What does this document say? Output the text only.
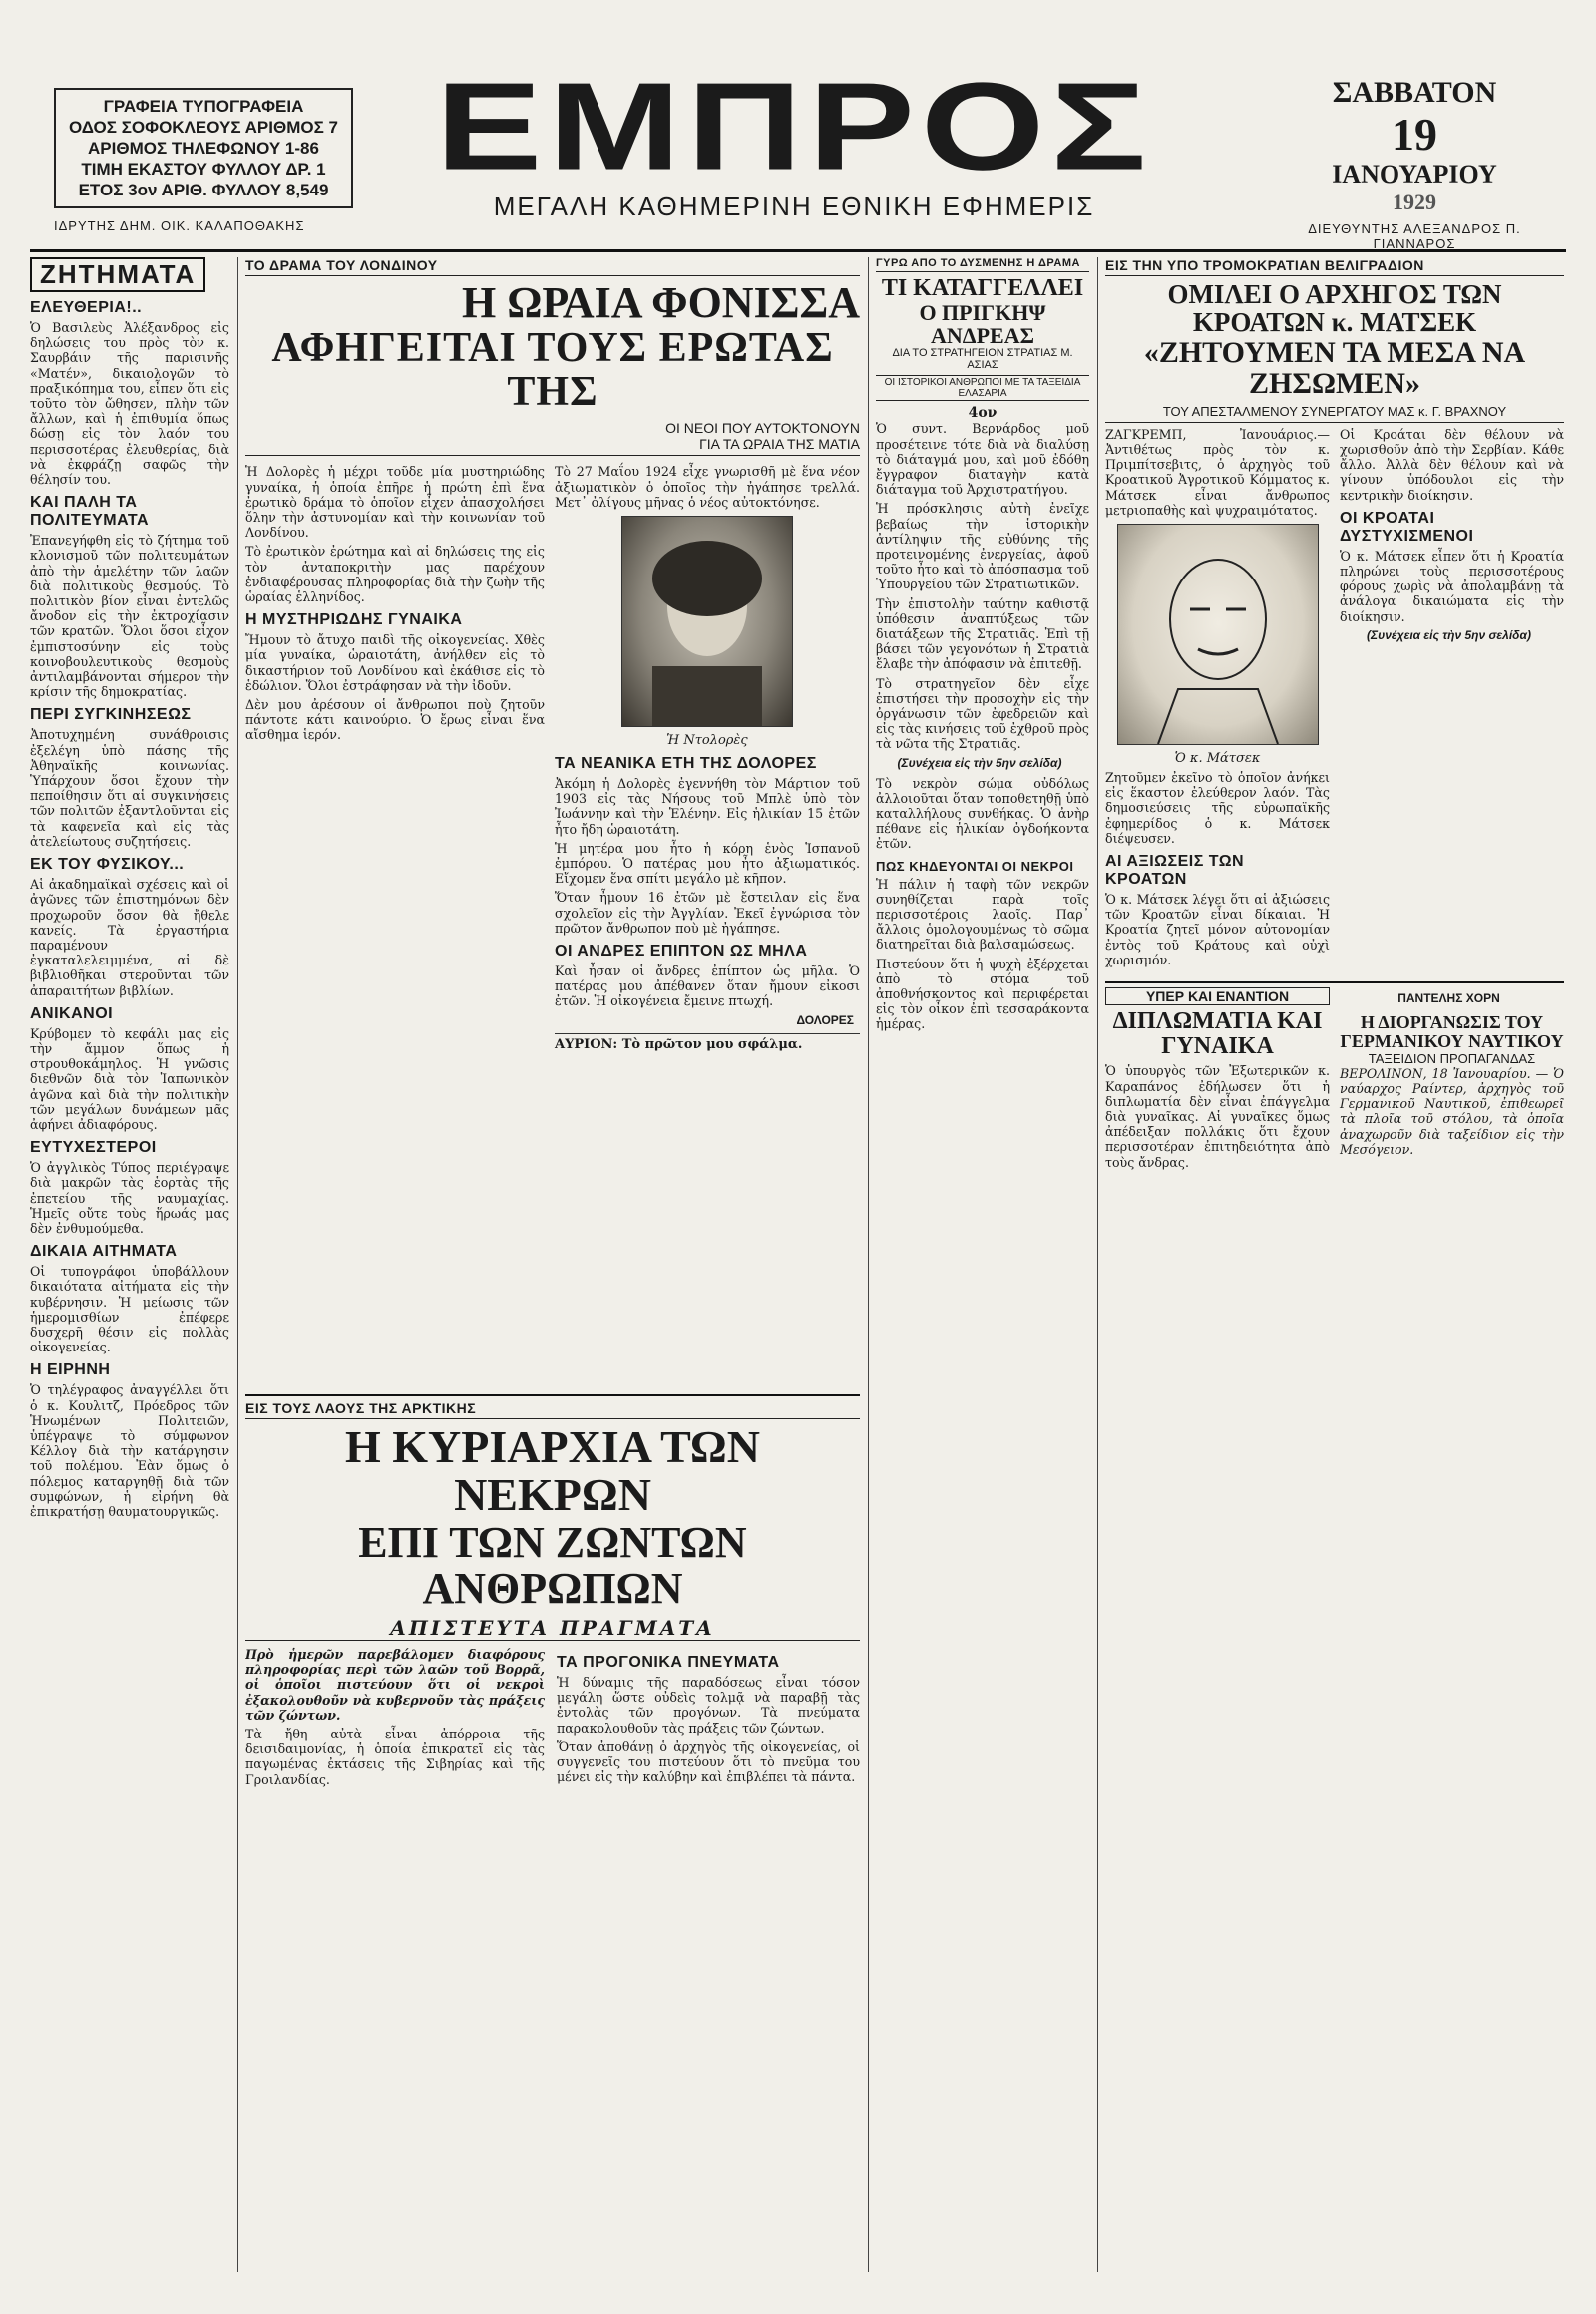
ΓΡΑΦΕΙΑ ΤΥΠΟΓΡΑΦΕΙΑ
ΟΔΟΣ ΣΟΦΟΚΛΕΟΥΣ ΑΡΙΘΜΟΣ 7
ΑΡΙΘΜΟΣ ΤΗΛΕΦΩΝΟΥ 1-86
ΤΙΜΗ ΕΚΑΣΤΟΥ ΦΥΛΛΟΥ ΔΡ. 1
ΕΤΟΣ 3ον ΑΡΙΘ. ΦΥΛΛΟΥ 8,549
ΙΔΡΥΤΗΣ ΔΗΜ. ΟΙΚ. ΚΑΛΑΠΟΘΑΚΗΣ
ΕΜΠΡΟΣ
ΜΕΓΑΛΗ ΚΑΘΗΜΕΡΙΝΗ ΕΘΝΙΚΗ ΕΦΗΜΕΡΙΣ
ΣΑΒΒΑΤΟΝ
19
ΙΑΝΟΥΑΡΙΟΥ
1929
ΔΙΕΥΘΥΝΤΗΣ ΑΛΕΞΑΝΔΡΟΣ Π. ΓΙΑΝΝΑΡΟΣ
ΖΗΤΗΜΑΤΑ
ΕΛΕΥΘΕΡΙΑ!..

Ὁ Βασιλεὺς Ἀλέξανδρος εἰς δηλώσεις του πρὸς τὸν κ. Σαυρβάιν τῆς παρισινῆς «Ματέν», δικαιολογῶν τὸ πραξικόπημα του, εἶπεν ὅτι εἰς τοῦτο τὸν ὤθησεν, πλὴν τῶν ἄλλων, καὶ ἡ ἐπιθυμία ὅπως δώσῃ εἰς τὸν λαόν του περισσοτέρας ἐλευθερίας, διὰ νὰ ἐκφράζῃ σαφῶς τὴν θέλησίν του.

ΚΑΙ ΠΑΛΗ ΤΑ ΠΟΛΙΤΕΥΜΑΤΑ

Ἐπανεγήφθη εἰς τὸ ζήτημα τοῦ κλονισμοῦ τῶν πολιτευμάτων ἀπὸ τὴν ἀμελέτην τῶν λαῶν διὰ πολιτικοὺς θεσμούς. Τὸ πολιτικὸν βίον εἶναι ἐντελῶς ἄνοδον εἰς τὴν ἐκτροχίασιν τῶν κρατῶν. Ὅλοι ὅσοι εἶχον ἐμπιστοσύνην εἰς τοὺς κοινοβουλευτικοὺς θεσμοὺς ἀντιλαμβάνονται σήμερον τὴν κρίσιν τῆς δημοκρατίας.

ΠΕΡΙ ΣΥΓΚΙΝΗΣΕΩΣ

Ἀποτυχημένη συνάθροισις ἐξελέγη ὑπὸ πάσης τῆς Ἀθηναϊκῆς κοινωνίας. Ὑπάρχουν ὅσοι ἔχουν τὴν πεποίθησιν ὅτι αἱ συγκινήσεις τῶν πολιτῶν ἐξαντλοῦνται εἰς τὰ καφενεῖα καὶ εἰς τὰς ἀτελείωτους συζητήσεις.

ΕΚ ΤΟΥ ΦΥΣΙΚΟΥ...

Αἱ ἀκαδημαϊκαὶ σχέσεις καὶ οἱ ἀγῶνες τῶν ἐπιστημόνων δὲν προχωροῦν ὅσον θὰ ἤθελε κανείς. Τὰ ἐργαστήρια παραμένουν ἐγκαταλελειμμένα, αἱ δὲ βιβλιοθῆκαι στεροῦνται τῶν ἀπαραιτήτων βιβλίων.

ΑΝΙΚΑΝΟΙ

Κρύβομεν τὸ κεφάλι μας εἰς τὴν ἄμμον ὅπως ἡ στρουθοκάμηλος. Ἡ γνῶσις διεθνῶν διὰ τὸν Ἰαπωνικὸν ἀγῶνα καὶ διὰ τὴν πολιτικὴν τῶν μεγάλων δυνάμεων μᾶς ἀφήνει ἀδιαφόρους.

ΕΥΤΥΧΕΣΤΕΡΟΙ

Ὁ ἀγγλικὸς Τύπος περιέγραψε διὰ μακρῶν τὰς ἑορτὰς τῆς ἐπετείου τῆς ναυμαχίας. Ἡμεῖς οὔτε τοὺς ἥρωάς μας δὲν ἐνθυμούμεθα.

ΔΙΚΑΙΑ ΑΙΤΗΜΑΤΑ

Οἱ τυπογράφοι ὑποβάλλουν δικαιότατα αἰτήματα εἰς τὴν κυβέρνησιν. Ἡ μείωσις τῶν ἡμερομισθίων ἐπέφερε δυσχερῆ θέσιν εἰς πολλὰς οἰκογενείας.

Η ΕΙΡΗΝΗ

Ὁ τηλέγραφος ἀναγγέλλει ὅτι ὁ κ. Κουλιτζ, Πρόεδρος τῶν Ἡνωμένων Πολιτειῶν, ὑπέγραψε τὸ σύμφωνον Κέλλογ διὰ τὴν κατάργησιν τοῦ πολέμου. Ἐὰν ὅμως ὁ πόλεμος καταργηθῇ διὰ τῶν συμφώνων, ἡ εἰρήνη θὰ ἐπικρατήσῃ θαυματουργικῶς.

ΤΟ ΔΡΑΜΑ ΤΟΥ ΛΟΝΔΙΝΟΥ
Η ΩΡΑΙΑ ΦΟΝΙΣΣΑ
ΑΦΗΓΕΙΤΑΙ ΤΟΥΣ ΕΡΩΤΑΣ ΤΗΣ
ΟΙ ΝΕΟΙ ΠΟΥ ΑΥΤΟΚΤΟΝΟΥΝ
ΓΙΑ ΤΑ ΩΡΑΙΑ ΤΗΣ ΜΑΤΙΑ

Ἡ Δολορὲς ἡ μέχρι τοῦδε μία μυστηριώδης γυναίκα, ἡ ὁποία ἐπῆρε ἡ πρώτη ἐπὶ ἕνα ἐρωτικὸ δράμα τὸ ὁποῖον εἶχεν ἀπασχολήσει ὅλην τὴν ἀστυνομίαν καὶ τὴν κοινωνίαν τοῦ Λονδίνου.

Τὸ ἐρωτικὸν ἐρώτημα καὶ αἱ δηλώσεις της εἰς τὸν ἀνταποκριτὴν μας παρέχουν ἐνδιαφέρουσας πληροφορίας διὰ τὴν ζωὴν τῆς ὡραίας ἑλληνίδος.

Η ΜΥΣΤΗΡΙΩΔΗΣ ΓΥΝΑΙΚΑ

Ἤμουν τὸ ἄτυχο παιδὶ τῆς οἰκογενείας. Χθὲς μία γυναίκα, ὡραιοτάτη, ἀνήλθεν εἰς τὸ δικαστήριον τοῦ Λονδίνου καὶ ἐκάθισε εἰς τὸ ἑδώλιον. Ὅλοι ἐστράφησαν νὰ τὴν ἰδοῦν.

Δὲν μου ἀρέσουν οἱ ἄνθρωποι ποὺ ζητοῦν πάντοτε κάτι καινούριο. Ὁ ἔρως εἶναι ἕνα αἴσθημα ἱερόν.

Τὸ 27 Μαΐου 1924 εἶχε γνωρισθῆ μὲ ἕνα νέον ἀξιωματικὸν ὁ ὁποῖος τὴν ἠγάπησε τρελλά. Μετ᾽ ὀλίγους μῆνας ὁ νέος αὐτοκτόνησε.

Ἡ Ντολορὲς
ΤΑ ΝΕΑΝΙΚΑ ΕΤΗ ΤΗΣ ΔΟΛΟΡΕΣ

Ἀκόμη ἡ Δολορὲς ἐγεννήθη τὸν Μάρτιον τοῦ 1903 εἰς τὰς Νήσους τοῦ Μπλὲ ὑπὸ τὸν Ἰωάννην καὶ τὴν Ἑλένην. Εἰς ἡλικίαν 15 ἐτῶν ἦτο ἤδη ὡραιοτάτη.

Ἡ μητέρα μου ἦτο ἡ κόρη ἑνὸς Ἱσπανοῦ ἐμπόρου. Ὁ πατέρας μου ἦτο ἀξιωματικός. Εἴχομεν ἕνα σπίτι μεγάλο μὲ κῆπον.

Ὅταν ἦμουν 16 ἐτῶν μὲ ἔστειλαν εἰς ἕνα σχολεῖον εἰς τὴν Ἀγγλίαν. Ἐκεῖ ἐγνώρισα τὸν πρῶτον ἄνθρωπον ποὺ μὲ ἠγάπησε.

ΟΙ ΑΝΔΡΕΣ ΕΠΙΠΤΟΝ ΩΣ ΜΗΛΑ

Καὶ ἦσαν οἱ ἄνδρες ἐπίπτον ὡς μῆλα. Ὁ πατέρας μου ἀπέθανεν ὅταν ἤμουν εἰκοσι ἐτῶν. Ἡ οἰκογένεια ἔμεινε πτωχή.

ΔΟΛΟΡΕΣ
ΑΥΡΙΟΝ: Τὸ πρῶτον μου σφάλμα.
ΕΙΣ ΤΟΥΣ ΛΑΟΥΣ ΤΗΣ ΑΡΚΤΙΚΗΣ
Η ΚΥΡΙΑΡΧΙΑ ΤΩΝ ΝΕΚΡΩΝ
ΕΠΙ ΤΩΝ ΖΩΝΤΩΝ ΑΝΘΡΩΠΩΝ
ΑΠΙΣΤΕΥΤΑ ΠΡΑΓΜΑΤΑ

Πρὸ ἡμερῶν παρεβάλομεν διαφόρους πληροφορίας περὶ τῶν λαῶν τοῦ Βορρᾶ, οἱ ὁποῖοι πιστεύουν ὅτι οἱ νεκροὶ ἐξακολουθοῦν νὰ κυβερνοῦν τὰς πράξεις τῶν ζώντων.

Τὰ ἤθη αὐτὰ εἶναι ἀπόρροια τῆς δεισιδαιμονίας, ἡ ὁποία ἐπικρατεῖ εἰς τὰς παγωμένας ἐκτάσεις τῆς Σιβηρίας καὶ τῆς Γροιλανδίας.

ΤΑ ΠΡΟΓΟΝΙΚΑ ΠΝΕΥΜΑΤΑ

Ἡ δύναμις τῆς παραδόσεως εἶναι τόσον μεγάλη ὥστε οὐδεὶς τολμᾷ νὰ παραβῇ τὰς ἐντολὰς τῶν προγόνων. Τὰ πνεύματα παρακολουθοῦν τὰς πράξεις τῶν ζώντων.

Ὅταν ἀποθάνῃ ὁ ἀρχηγὸς τῆς οἰκογενείας, οἱ συγγενεῖς του πιστεύουν ὅτι τὸ πνεῦμα του μένει εἰς τὴν καλύβην καὶ ἐπιβλέπει τὰ πάντα.

ΓΥΡΩ ΑΠΟ ΤΟ ΔΥΣΜΕΝΗΣ Η ΔΡΑΜΑ
ΤΙ ΚΑΤΑΓΓΕΛΛΕΙ
Ο ΠΡΙΓΚΗΨ ΑΝΔΡΕΑΣ
ΔΙΑ ΤΟ ΣΤΡΑΤΗΓΕΙΟΝ ΣΤΡΑΤΙΑΣ Μ. ΑΣΙΑΣ
ΟΙ ΙΣΤΟΡΙΚΟΙ ΑΝΘΡΩΠΟΙ ΜΕ ΤΑ ΤΑΞΕΙΔΙΑ ΕΛΑΣΑΡΙΑ
4ον

Ὁ συντ. Βερνάρδος μοῦ προσέτεινε τότε διὰ νὰ διαλύσῃ τὸ διάταγμά μου, καὶ μοῦ ἐδόθη ἔγγραφον διαταγὴν κατὰ διάταγμα τοῦ Ἀρχιστρατήγου.

Ἡ πρόσκλησις αὐτὴ ἐνεῖχε βεβαίως τὴν ἱστορικὴν ἀντίληψιν τῆς εὐθύνης τῆς προτεινομένης ἐνεργείας, ἀφοῦ τοῦτο ἦτο καὶ τὸ ἀπόσπασμα τοῦ Ὑπουργείου τῶν Στρατιωτικῶν.

Τὴν ἐπιστολὴν ταύτην καθιστᾷ ὑπόθεσιν ἀναπτύξεως τῶν διατάξεων τῆς Στρατιᾶς. Ἐπὶ τῇ βάσει τῶν γεγονότων ἡ Στρατιὰ ἔλαβε τὴν ἀπόφασιν νὰ ἐπιτεθῇ.

Τὸ στρατηγεῖον δὲν εἶχε ἐπιστήσει τὴν προσοχὴν εἰς τὴν ὀργάνωσιν τῶν ἐφεδρειῶν καὶ εἰς τὰς κινήσεις τοῦ ἐχθροῦ πρὸς τὰ νῶτα τῆς Στρατιᾶς.

(Συνέχεια εἰς τὴν 5ην σελίδα)

Τὸ νεκρὸν σώμα οὐδόλως ἀλλοιοῦται ὅταν τοποθετηθῇ ὑπὸ καταλλήλους συνθήκας. Ὁ ἀνὴρ πέθανε εἰς ἡλικίαν ὀγδοήκοντα ἐτῶν.

ΠΩΣ ΚΗΔΕΥΟΝΤΑΙ ΟΙ ΝΕΚΡΟΙ

Ἡ πάλιν ἡ ταφὴ τῶν νεκρῶν συνηθίζεται παρὰ τοῖς περισσοτέροις λαοῖς. Παρ᾽ ἄλλοις ὁμολογουμένως τὸ σῶμα διατηρεῖται διὰ βαλσαμώσεως.

Πιστεύουν ὅτι ἡ ψυχὴ ἐξέρχεται ἀπὸ τὸ στόμα τοῦ ἀποθνήσκοντος καὶ περιφέρεται εἰς τὸν οἶκον ἐπὶ τεσσαράκοντα ἡμέρας.

ΕΙΣ ΤΗΝ ΥΠΟ ΤΡΟΜΟΚΡΑΤΙΑΝ ΒΕΛΙΓΡΑΔΙΟΝ
ΟΜΙΛΕΙ Ο ΑΡΧΗΓΟΣ ΤΩΝ ΚΡΟΑΤΩΝ κ. ΜΑΤΣΕΚ
«ΖΗΤΟΥΜΕΝ ΤΑ ΜΕΣΑ ΝΑ ΖΗΣΩΜΕΝ»
ΤΟΥ ΑΠΕΣΤΑΛΜΕΝΟΥ ΣΥΝΕΡΓΑΤΟΥ ΜΑΣ κ. Γ. ΒΡΑΧΝΟΥ

ΖΑΓΚΡΕΜΠ, Ἰανουάριος.— Ἀντιθέτως πρὸς τὸν κ. Πριμπίτσεβιτς, ὁ ἀρχηγὸς τοῦ Κροατικοῦ Ἀγροτικοῦ Κόμματος κ. Μάτσεκ εἶναι ἄνθρωπος μετριοπαθὴς καὶ ψυχραιμότατος.

Ὁ κ. Μάτσεκ

Ζητοῦμεν ἐκεῖνο τὸ ὁποῖον ἀνήκει εἰς ἕκαστον ἐλεύθερον λαόν. Τὰς δημοσιεύσεις τῆς εὐρωπαϊκῆς ἐφημερίδος ὁ κ. Μάτσεκ διέψευσεν.

ΑΙ ΑΞΙΩΣΕΙΣ ΤΩΝ ΚΡΟΑΤΩΝ

Ὁ κ. Μάτσεκ λέγει ὅτι αἱ ἀξιώσεις τῶν Κροατῶν εἶναι δίκαιαι. Ἡ Κροατία ζητεῖ μόνον αὐτονομίαν ἐντὸς τοῦ Κράτους καὶ οὐχὶ χωρισμόν.

Οἱ Κροάται δὲν θέλουν νὰ χωρισθοῦν ἀπὸ τὴν Σερβίαν. Κάθε ἄλλο. Ἀλλὰ δὲν θέλουν καὶ νὰ γίνουν ὑπόδουλοι εἰς τὴν κεντρικὴν διοίκησιν.

ΟΙ ΚΡΟΑΤΑΙ ΔΥΣΤΥΧΙΣΜΕΝΟΙ

Ὁ κ. Μάτσεκ εἶπεν ὅτι ἡ Κροατία πληρώνει τοὺς περισσοτέρους φόρους χωρὶς νὰ ἀπολαμβάνῃ τὰ ἀνάλογα δικαιώματα εἰς τὴν διοίκησιν.

(Συνέχεια εἰς τὴν 5ην σελίδα)
ΥΠΕΡ ΚΑΙ ΕΝΑΝΤΙΟΝ
ΔΙΠΛΩΜΑΤΙΑ ΚΑΙ ΓΥΝΑΙΚΑ

Ὁ ὑπουργὸς τῶν Ἐξωτερικῶν κ. Καραπάνος ἐδήλωσεν ὅτι ἡ διπλωματία δὲν εἶναι ἐπάγγελμα διὰ γυναῖκας. Αἱ γυναῖκες ὅμως ἀπέδειξαν πολλάκις ὅτι ἔχουν περισσοτέραν ἐπιτηδειότητα ἀπὸ τοὺς ἄνδρας.

ΠΑΝΤΕΛΗΣ ΧΟΡΝ
Η ΔΙΟΡΓΑΝΩΣΙΣ ΤΟΥ ΓΕΡΜΑΝΙΚΟΥ ΝΑΥΤΙΚΟΥ
ΤΑΞΕΙΔΙΟΝ ΠΡΟΠΑΓΑΝΔΑΣ

ΒΕΡΟΛΙΝΟΝ, 18 Ἰανουαρίου. — Ὁ ναύαρχος Ραίντερ, ἀρχηγὸς τοῦ Γερμανικοῦ Ναυτικοῦ, ἐπιθεωρεῖ τὰ πλοῖα τοῦ στόλου, τὰ ὁποῖα ἀναχωροῦν διὰ ταξείδιον εἰς τὴν Μεσόγειον.
